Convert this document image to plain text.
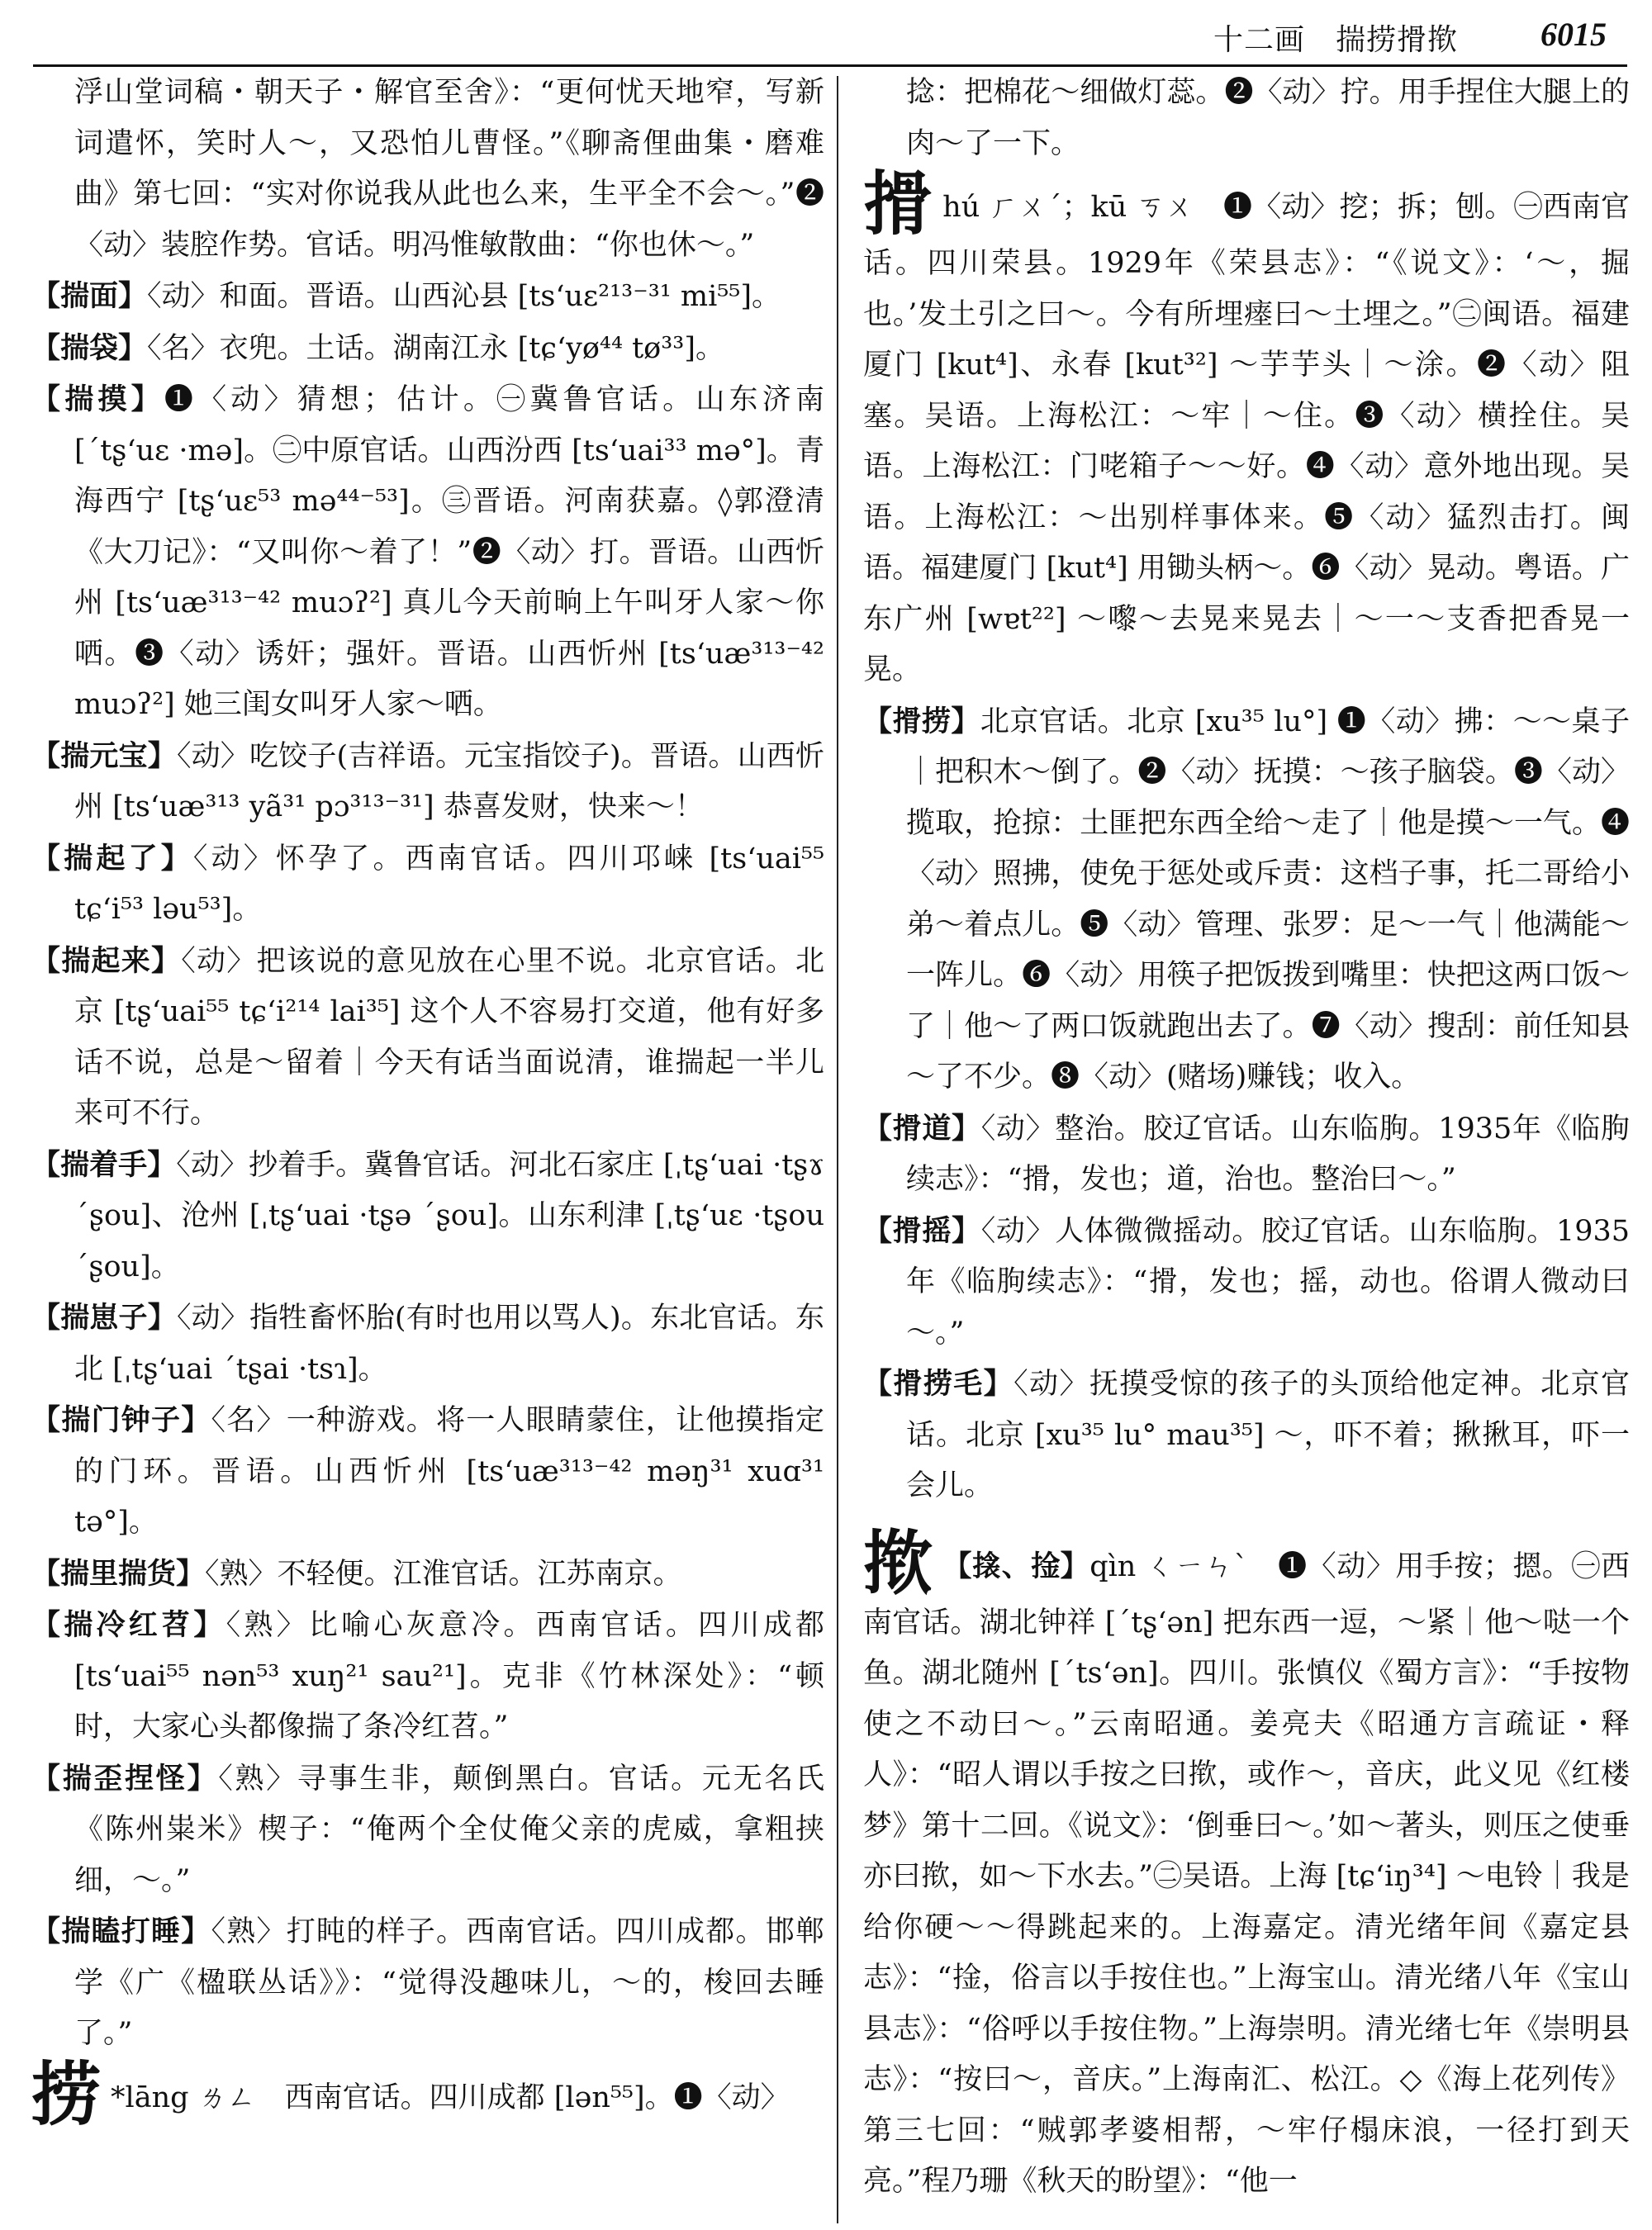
十二画　揣捞搰揿	6015

浮山堂词稿・朝天子・解官至舍》：“更何忧天地窄，写新词遣怀，笑时人～，又恐怕儿曹怪。”《聊斋俚曲集・磨难曲》第七回：“实对你说我从此也么来，生平全不会～。”❷〈动〉装腔作势。官话。明冯惟敏散曲：“你也休～。”

【揣面】〈动〉和面。晋语。山西沁县 [tsʻuɛ²¹³⁻³¹ mi⁵⁵]。

【揣袋】〈名〉衣兜。土话。湖南江永 [tɕʻyø⁴⁴ tø³³]。

【揣摸】❶〈动〉猜想；估计。㊀冀鲁官话。山东济南 [ˊtʂʻuɛ ·mə]。㊁中原官话。山西汾西 [tsʻuai³³ mə°]。青海西宁 [tʂʻuɛ⁵³ mə⁴⁴⁻⁵³]。㊂晋语。河南获嘉。◊郭澄清《大刀记》：“又叫你～着了！”❷〈动〉打。晋语。山西忻州 [tsʻuæ³¹³⁻⁴² muɔʔ²] 真儿今天前晌上午叫牙人家～你哂。❸〈动〉诱奸；强奸。晋语。山西忻州 [tsʻuæ³¹³⁻⁴² muɔʔ²] 她三闺女叫牙人家～哂。

【揣元宝】〈动〉吃饺子(吉祥语。元宝指饺子)。晋语。山西忻州 [tsʻuæ³¹³ yã³¹ pɔ³¹³⁻³¹] 恭喜发财，快来～！

【揣起了】〈动〉怀孕了。西南官话。四川邛崃 [tsʻuai⁵⁵ tɕʻi⁵³ ləu⁵³]。

【揣起来】〈动〉把该说的意见放在心里不说。北京官话。北京 [tʂʻuai⁵⁵ tɕʻi²¹⁴ lai³⁵] 这个人不容易打交道，他有好多话不说，总是～留着｜今天有话当面说清，谁揣起一半儿来可不行。

【揣着手】〈动〉抄着手。冀鲁官话。河北石家庄 [ˌtʂʻuai ·tʂɤ ˊʂou]、沧州 [ˌtʂʻuai ·tʂə ˊʂou]。山东利津 [ˌtʂʻuɛ ·tʂou ˊʂou]。

【揣崽子】〈动〉指牲畜怀胎(有时也用以骂人)。东北官话。东北 [ˌtʂʻuai ˊtʂai ·tsɿ]。

【揣门钟子】〈名〉一种游戏。将一人眼睛蒙住，让他摸指定的门环。晋语。山西忻州 [tsʻuæ³¹³⁻⁴² məŋ³¹ xuɑ³¹ tə°]。

【揣里揣货】〈熟〉不轻便。江淮官话。江苏南京。

【揣冷红苕】〈熟〉比喻心灰意冷。西南官话。四川成都 [tsʻuai⁵⁵ nən⁵³ xuŋ²¹ sau²¹]。克非《竹林深处》：“顿时，大家心头都像揣了条冷红苕。”

【揣歪捏怪】〈熟〉寻事生非，颠倒黑白。官话。元无名氏《陈州粜米》楔子：“俺两个全仗俺父亲的虎威，拿粗挟细，～。”

【揣瞌打睡】〈熟〉打盹的样子。西南官话。四川成都。邯郸学《广《楹联丛话》》：“觉得没趣味儿，～的，梭回去睡了。”

捞 *lāng ㄌㄥ　西南官话。四川成都 [lən⁵⁵]。❶〈动〉

捻：把棉花～细做灯蕊。❷〈动〉拧。用手捏住大腿上的肉～了一下。

搰hú ㄏㄨˊ；kū ㄎㄨ　❶〈动〉挖；拆；刨。㊀西南官话。四川荣县。1929年《荣县志》：“《说文》：‘～，掘也。’发土引之曰～。今有所埋瘗曰～土埋之。”㊁闽语。福建厦门 [kut⁴]、永春 [kut³²] ～芋芋头｜～涂。❷〈动〉阻塞。吴语。上海松江：～牢｜～住。❸〈动〉横拴住。吴语。上海松江：门咾箱子～～好。❹〈动〉意外地出现。吴语。上海松江：～出别样事体来。❺〈动〉猛烈击打。闽语。福建厦门 [kut⁴] 用锄头柄～。❻〈动〉晃动。粤语。广东广州 [wɐt²²] ～嚟～去晃来晃去｜～一～支香把香晃一晃。

【搰捞】北京官话。北京 [xu³⁵ lu°] ❶〈动〉拂：～～桌子｜把积木～倒了。❷〈动〉抚摸：～孩子脑袋。❸〈动〉揽取，抢掠：土匪把东西全给～走了｜他是摸～一气。❹〈动〉照拂，使免于惩处或斥责：这档子事，托二哥给小弟～着点儿。❺〈动〉管理、张罗：足～一气｜他满能～一阵儿。❻〈动〉用筷子把饭拨到嘴里：快把这两口饭～了｜他～了两口饭就跑出去了。❼〈动〉搜刮：前任知县～了不少。❽〈动〉(赌场)赚钱；收入。

【搰道】〈动〉整治。胶辽官话。山东临朐。1935年《临朐续志》：“搰，发也；道，治也。整治曰～。”

【搰摇】〈动〉人体微微摇动。胶辽官话。山东临朐。1935年《临朐续志》：“搰，发也；摇，动也。俗谓人微动曰～。”

【搰捞毛】〈动〉抚摸受惊的孩子的头顶给他定神。北京官话。北京 [xu³⁵ lu° mau³⁵] ～，吓不着；揪揪耳，吓一会儿。

揿 【搇、捦】qìn ㄑㄧㄣˋ　❶〈动〉用手按；摁。㊀西南官话。湖北钟祥 [ˊtʂʻən] 把东西一逗，～紧｜他～哒一个鱼。湖北随州 [ˊtsʻən]。四川。张慎仪《蜀方言》：“手按物使之不动曰～。”云南昭通。姜亮夫《昭通方言疏证・释人》：“昭人谓以手按之曰揿，或作～，音庆，此义见《红楼梦》第十二回。《说文》：‘倒垂曰～。’如～著头，则压之使垂亦曰揿，如～下水去。”㊁吴语。上海 [tɕʻiŋ³⁴] ～电铃｜我是给你硬～～得跳起来的。上海嘉定。清光绪年间《嘉定县志》：“捦，俗言以手按住也。”上海宝山。清光绪八年《宝山县志》：“俗呼以手按住物。”上海崇明。清光绪七年《崇明县志》：“按曰～，音庆。”上海南汇、松江。◇《海上花列传》第三七回：“贼郭孝婆相帮，～牢仔榻床浪，一径打到天亮。”程乃珊《秋天的盼望》：“他一
